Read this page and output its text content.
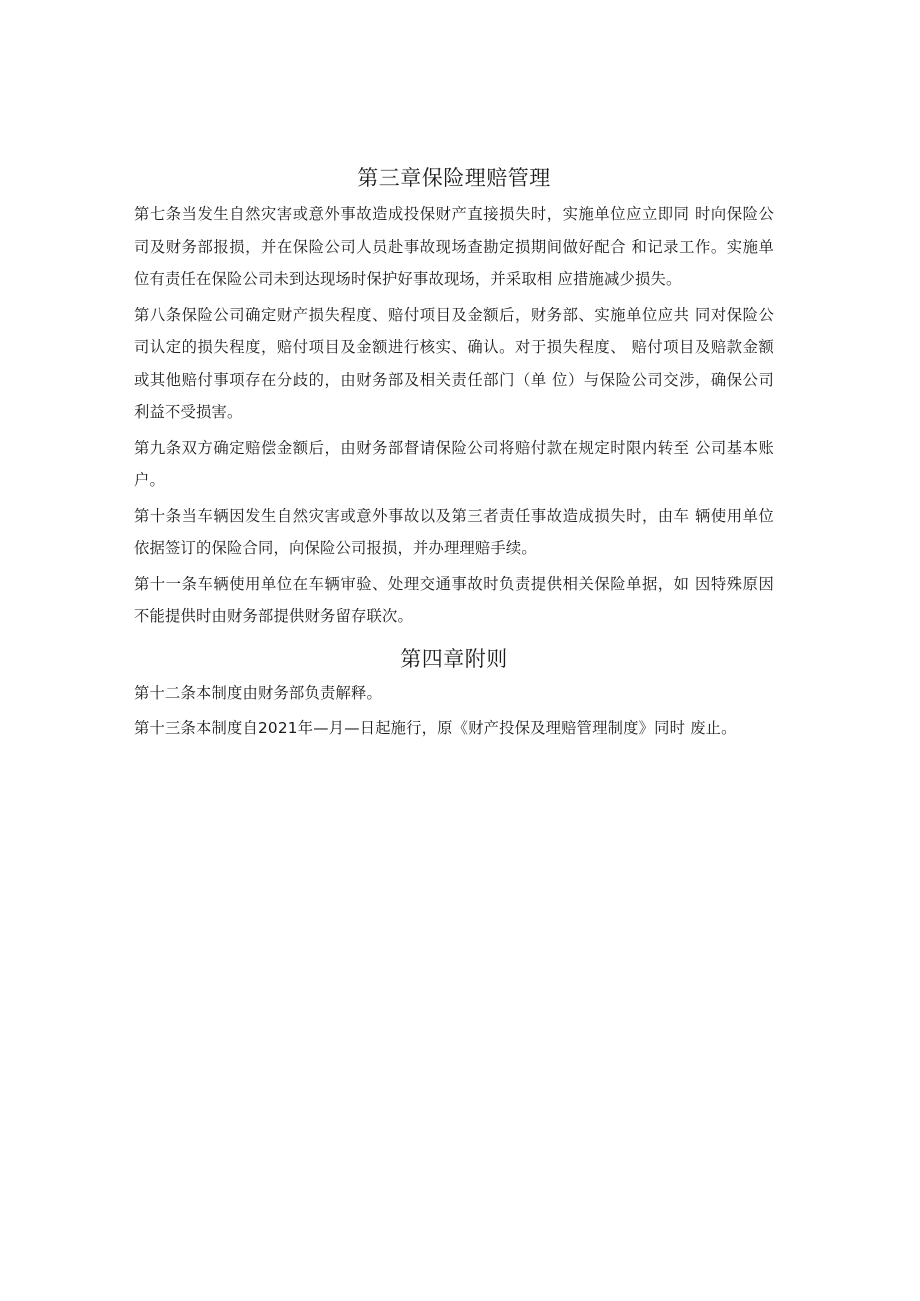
第三章保险理赔管理

第七条当发生自然灾害或意外事故造成投保财产直接损失时，实施单位应立即同 时向保险公司及财务部报损，并在保险公司人员赴事故现场查勘定损期间做好配合 和记录工作。实施单位有责任在保险公司未到达现场时保护好事故现场，并采取相 应措施减少损失。

第八条保险公司确定财产损失程度、赔付项目及金额后，财务部、实施单位应共 同对保险公司认定的损失程度，赔付项目及金额进行核实、确认。对于损失程度、 赔付项目及赔款金额或其他赔付事项存在分歧的，由财务部及相关责任部门（单 位）与保险公司交涉，确保公司利益不受损害。

第九条双方确定赔偿金额后，由财务部督请保险公司将赔付款在规定时限内转至 公司基本账户。

第十条当车辆因发生自然灾害或意外事故以及第三者责任事故造成损失时，由车 辆使用单位依据签订的保险合同，向保险公司报损，并办理理赔手续。

第十一条车辆使用单位在车辆审验、处理交通事故时负责提供相关保险单据，如 因特殊原因不能提供时由财务部提供财务留存联次。

第四章附则

第十二条本制度由财务部负责解释。

第十三条本制度自2021年—月—日起施行，原《财产投保及理赔管理制度》同时 废止。
